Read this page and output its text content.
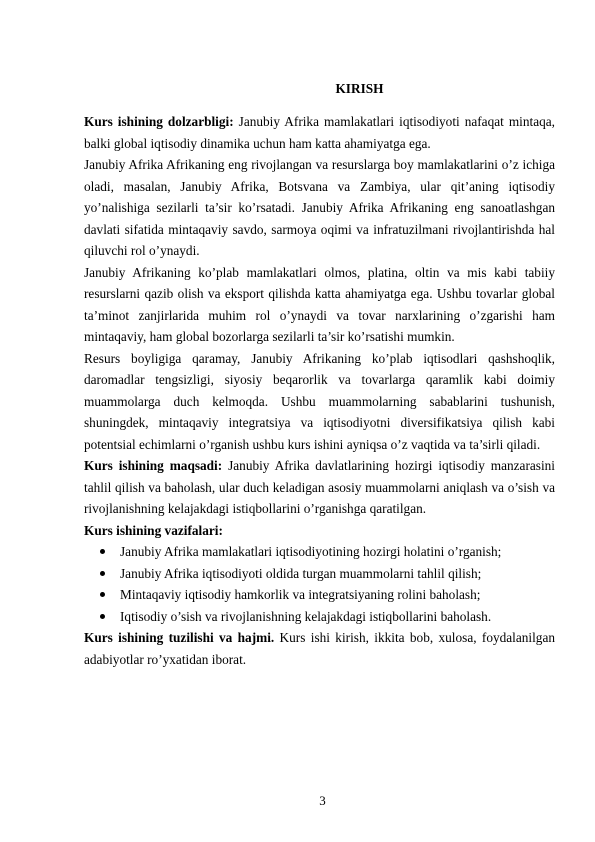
KIRISH

Kurs ishining dolzarbligi: Janubiy Afrika mamlakatlari iqtisodiyoti nafaqat mintaqa, balki global iqtisodiy dinamika uchun ham katta ahamiyatga ega.

Janubiy Afrika Afrikaning eng rivojlangan va resurslarga boy mamlakatlarini o’z ichiga oladi, masalan, Janubiy Afrika, Botsvana va Zambiya, ular qit’aning iqtisodiy yo’nalishiga sezilarli ta’sir ko’rsatadi. Janubiy Afrika Afrikaning eng sanoatlashgan davlati sifatida mintaqaviy savdo, sarmoya oqimi va infratuzilmani rivojlantirishda hal qiluvchi rol o’ynaydi.

Janubiy Afrikaning ko’plab mamlakatlari olmos, platina, oltin va mis kabi tabiiy resurslarni qazib olish va eksport qilishda katta ahamiyatga ega. Ushbu tovarlar global ta’minot zanjirlarida muhim rol o’ynaydi va tovar narxlarining o’zgarishi ham mintaqaviy, ham global bozorlarga sezilarli ta’sir ko’rsatishi mumkin.

Resurs boyligiga qaramay, Janubiy Afrikaning ko’plab iqtisodlari qashshoqlik, daromadlar tengsizligi, siyosiy beqarorlik va tovarlarga qaramlik kabi doimiy muammolarga duch kelmoqda. Ushbu muammolarning sabablarini tushunish, shuningdek, mintaqaviy integratsiya va iqtisodiyotni diversifikatsiya qilish kabi potentsial echimlarni o’rganish ushbu kurs ishini ayniqsa o’z vaqtida va ta’sirli qiladi.

Kurs ishining maqsadi: Janubiy Afrika davlatlarining hozirgi iqtisodiy manzarasini tahlil qilish va baholash, ular duch keladigan asosiy muammolarni aniqlash va o’sish va rivojlanishning kelajakdagi istiqbollarini o’rganishga qaratilgan.

Kurs ishining vazifalari:
Janubiy Afrika mamlakatlari iqtisodiyotining hozirgi holatini o’rganish;
Janubiy Afrika iqtisodiyoti oldida turgan muammolarni tahlil qilish;
Mintaqaviy iqtisodiy hamkorlik va integratsiyaning rolini baholash;
Iqtisodiy o’sish va rivojlanishning kelajakdagi istiqbollarini baholash.

Kurs ishining tuzilishi va hajmi. Kurs ishi kirish, ikkita bob, xulosa, foydalanilgan adabiyotlar ro’yxatidan iborat.

3
